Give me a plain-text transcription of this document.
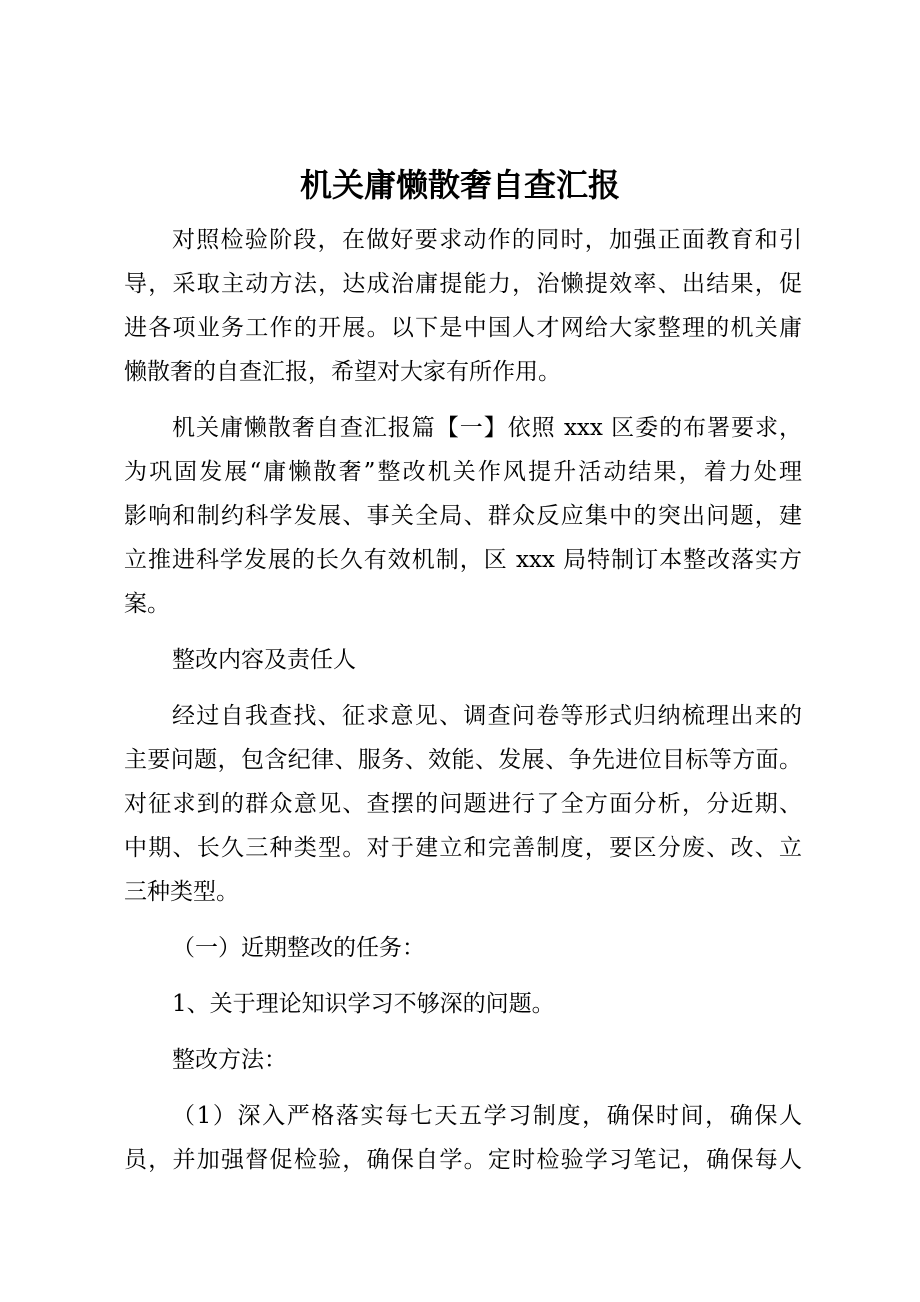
机关庸懒散奢自查汇报
对照检验阶段，在做好要求动作的同时，加强正面教育和引
导，采取主动方法，达成治庸提能力，治懒提效率、出结果，促
进各项业务工作的开展。以下是中国人才网给大家整理的机关庸
懒散奢的自查汇报，希望对大家有所作用。
机关庸懒散奢自查汇报篇【一】依照 xxx 区委的布署要求，
为巩固发展“庸懒散奢”整改机关作风提升活动结果，着力处理
影响和制约科学发展、事关全局、群众反应集中的突出问题，建
立推进科学发展的长久有效机制，区 xxx 局特制订本整改落实方
案。
整改内容及责任人
经过自我查找、征求意见、调查问卷等形式归纳梳理出来的
主要问题，包含纪律、服务、效能、发展、争先进位目标等方面。
对征求到的群众意见、查摆的问题进行了全方面分析，分近期、
中期、长久三种类型。对于建立和完善制度，要区分废、改、立
三种类型。
（一）近期整改的任务：
1、关于理论知识学习不够深的问题。
整改方法：
（1）深入严格落实每七天五学习制度，确保时间，确保人
员，并加强督促检验，确保自学。定时检验学习笔记，确保每人
